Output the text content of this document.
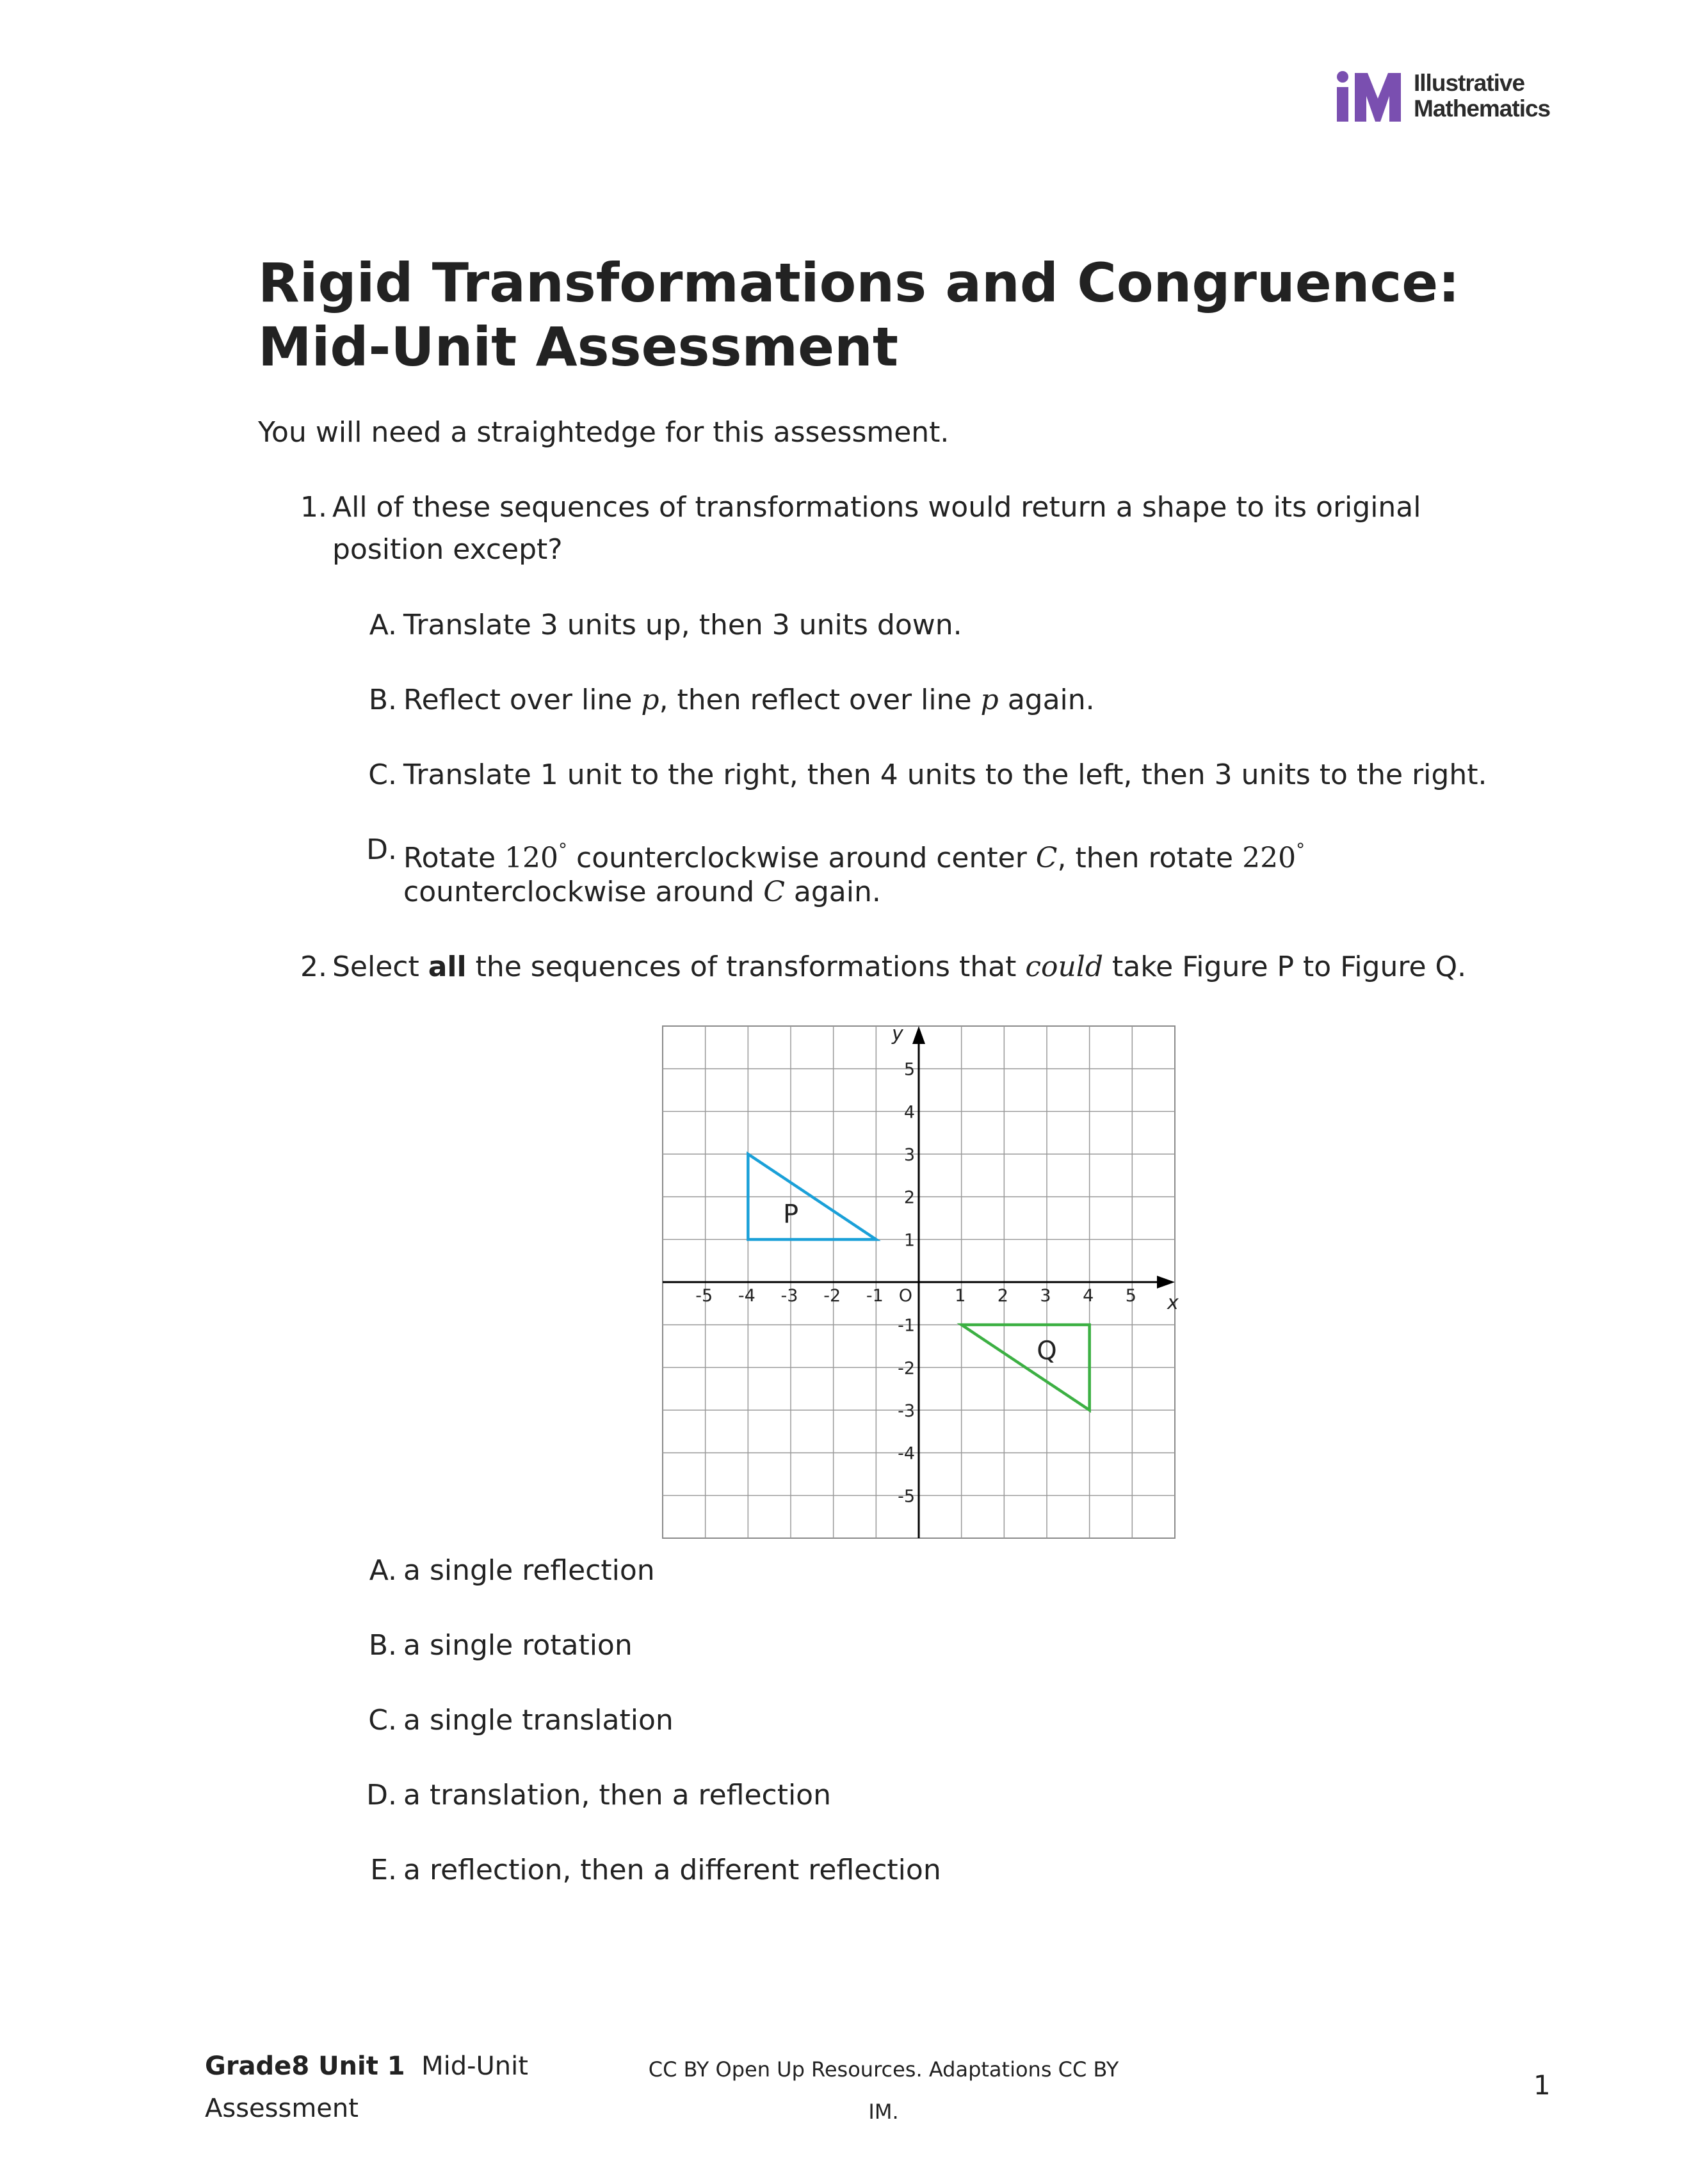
Illustrative
Mathematics
Rigid Transformations and Congruence:
Mid-Unit Assessment
You will need a straightedge for this assessment.
1. All of these sequences of transformations would return a shape to its original
position except?
A. Translate 3 units up, then 3 units down.
B. Reflect over line p, then reflect over line p again.
C. Translate 1 unit to the right, then 4 units to the left, then 3 units to the right.
D. Rotate 120° counterclockwise around center C, then rotate 220°
counterclockwise around C again.
2. Select all the sequences of transformations that could take Figure P to Figure Q.
x
y
-5 -4 -3 -2 -1	1 2 3 4 5
5
4
3
2
1
-1
-2
-3
-4
-5
O
P
Q
A. a single reflection
B. a single rotation
C. a single translation
D. a translation, then a reflection
E. a reflection, then a different reflection
Grade8 Unit 1 Mid-Unit
Assessment
CC BY Open Up Resources. Adaptations CC BY
IM.
1
